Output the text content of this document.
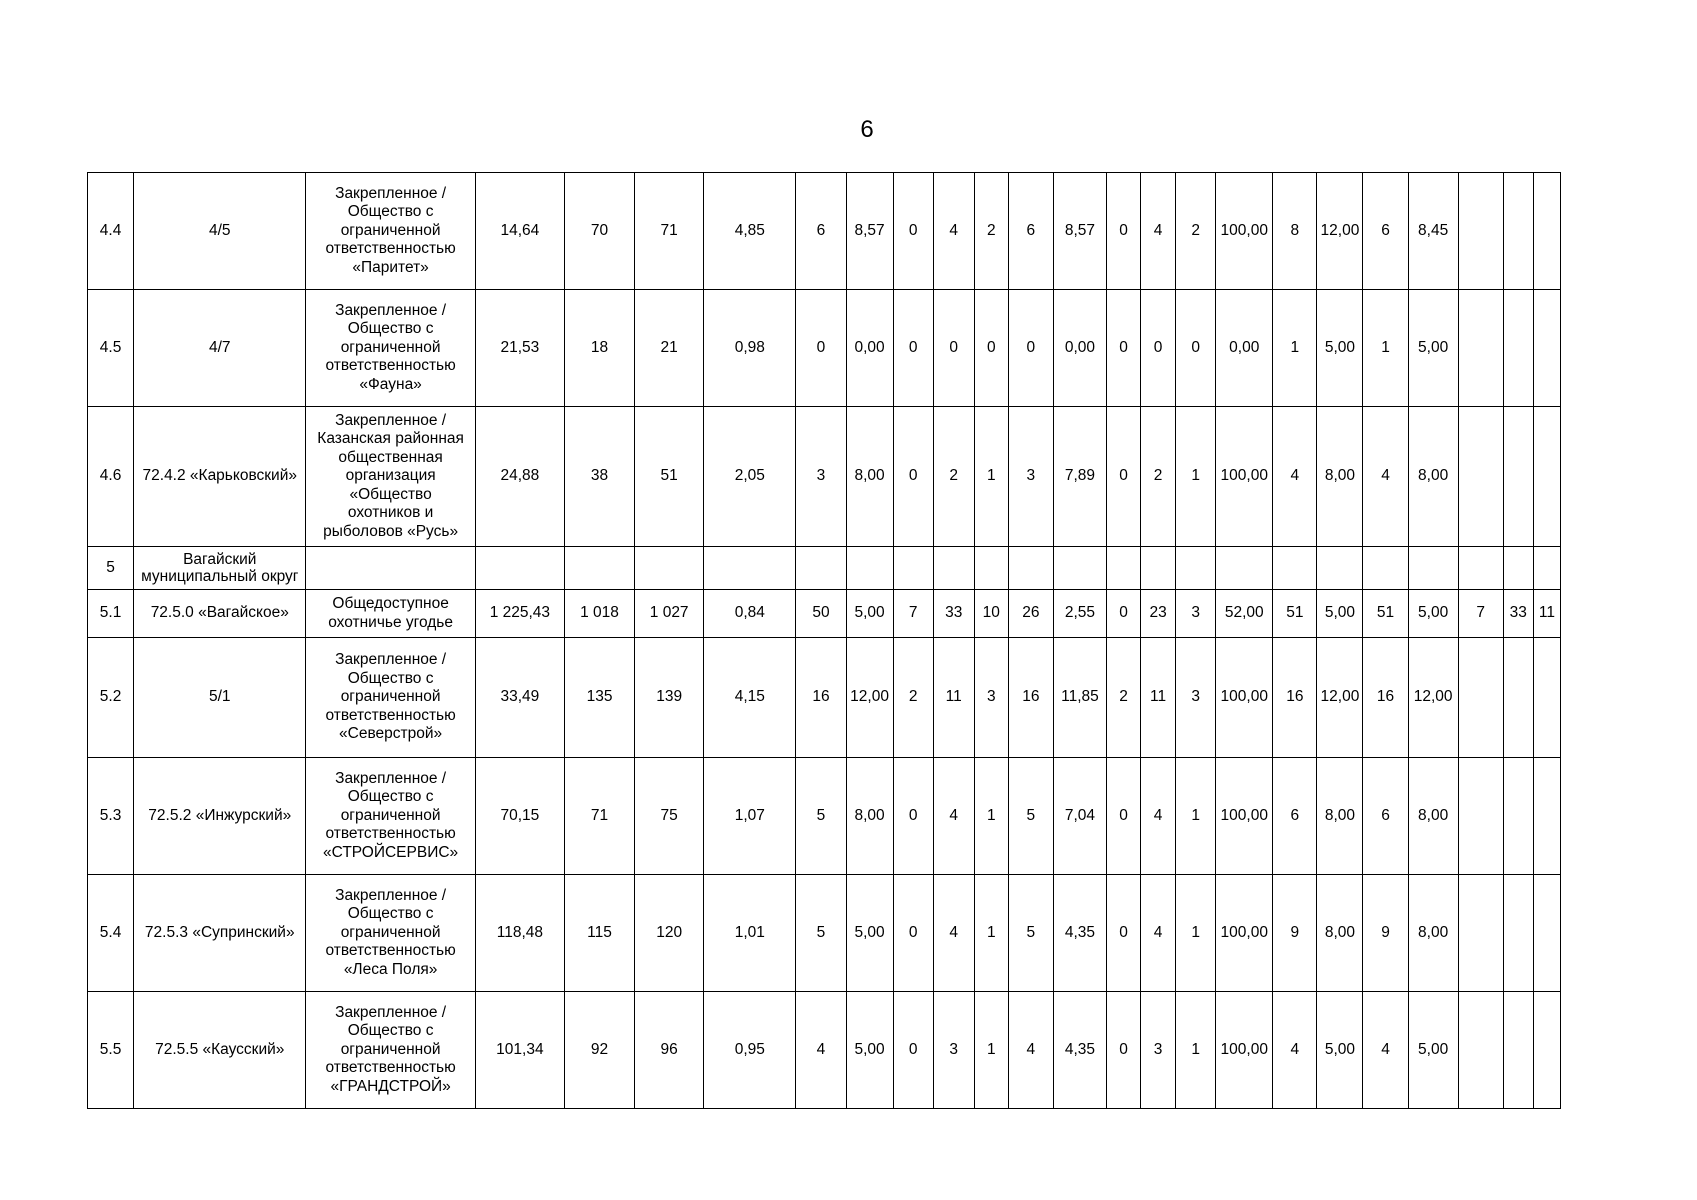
6
4.4	4/5	Закрепленное / Общество с ограниченной ответственностью «Паритет»	14,64	70	71	4,85	6	8,57	0	4	2	6	8,57	0	4	2	100,00	8	12,00	6	8,45			
4.5	4/7	Закрепленное / Общество с ограниченной ответственностью «Фауна»	21,53	18	21	0,98	0	0,00	0	0	0	0	0,00	0	0	0	0,00	1	5,00	1	5,00			
4.6	72.4.2 «Карьковский»	Закрепленное / Казанская районная общественная организация «Общество охотников и рыболовов «Русь»	24,88	38	51	2,05	3	8,00	0	2	1	3	7,89	0	2	1	100,00	4	8,00	4	8,00			
5	Вагайский муниципальный округ																							
5.1	72.5.0 «Вагайское»	Общедоступное охотничье угодье	1 225,43	1 018	1 027	0,84	50	5,00	7	33	10	26	2,55	0	23	3	52,00	51	5,00	51	5,00	7	33	11
5.2	5/1	Закрепленное / Общество с ограниченной ответственностью «Северстрой»	33,49	135	139	4,15	16	12,00	2	11	3	16	11,85	2	11	3	100,00	16	12,00	16	12,00			
5.3	72.5.2 «Инжурский»	Закрепленное / Общество с ограниченной ответственностью «СТРОЙСЕРВИС»	70,15	71	75	1,07	5	8,00	0	4	1	5	7,04	0	4	1	100,00	6	8,00	6	8,00			
5.4	72.5.3 «Супринский»	Закрепленное / Общество с ограниченной ответственностью «Леса Поля»	118,48	115	120	1,01	5	5,00	0	4	1	5	4,35	0	4	1	100,00	9	8,00	9	8,00			
5.5	72.5.5 «Каусский»	Закрепленное / Общество с ограниченной ответственностью «ГРАНДСТРОЙ»	101,34	92	96	0,95	4	5,00	0	3	1	4	4,35	0	3	1	100,00	4	5,00	4	5,00			
